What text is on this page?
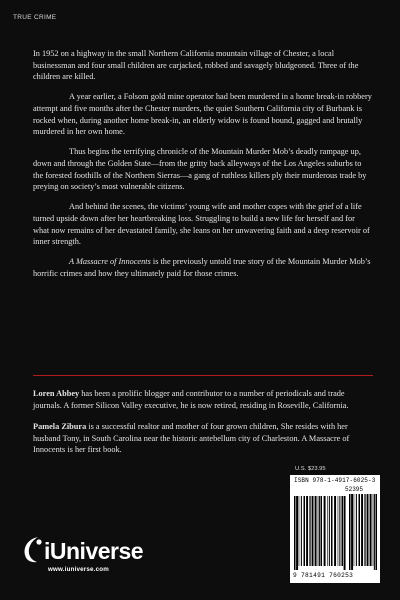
TRUE CRIME

In 1952 on a highway in the small Northern California mountain village of Chester, a local businessman and four small children are carjacked, robbed and savagely bludgeoned. Three of the children are killed.

A year earlier, a Folsom gold mine operator had been murdered in a home break-in robbery attempt and five months after the Chester murders, the quiet Southern California city of Burbank is rocked when, during another home break-in, an elderly widow is found bound, gagged and brutally murdered in her own home.

Thus begins the terrifying chronicle of the Mountain Murder Mob’s deadly rampage up, down and through the Golden State—from the gritty back alleyways of the Los Angeles suburbs to the forested foothills of the Northern Sierras—a gang of ruthless killers ply their murderous trade by preying on society’s most vulnerable citizens.

And behind the scenes, the victims’ young wife and mother copes with the grief of a life turned upside down after her heartbreaking loss. Struggling to build a new life for herself and for what now remains of her devastated family, she leans on her unwavering faith and a deep reservoir of inner strength.

A Massacre of Innocents is the previously untold true story of the Mountain Murder Mob’s horrific crimes and how they ultimately paid for those crimes.

Loren Abbey has been a prolific blogger and contributor to a number of periodicals and trade journals. A former Silicon Valley executive, he is now retired, residing in Roseville, California.

Pamela Zibura is a successful realtor and mother of four grown children, She resides with her husband Tony, in South Carolina near the historic antebellum city of Charleston. A Massacre of Innocents is her first book.

U.S. $23.95
ISBN 978-1-4917-6025-3
52395
9 781491 760253
iUniverse
www.iuniverse.com
